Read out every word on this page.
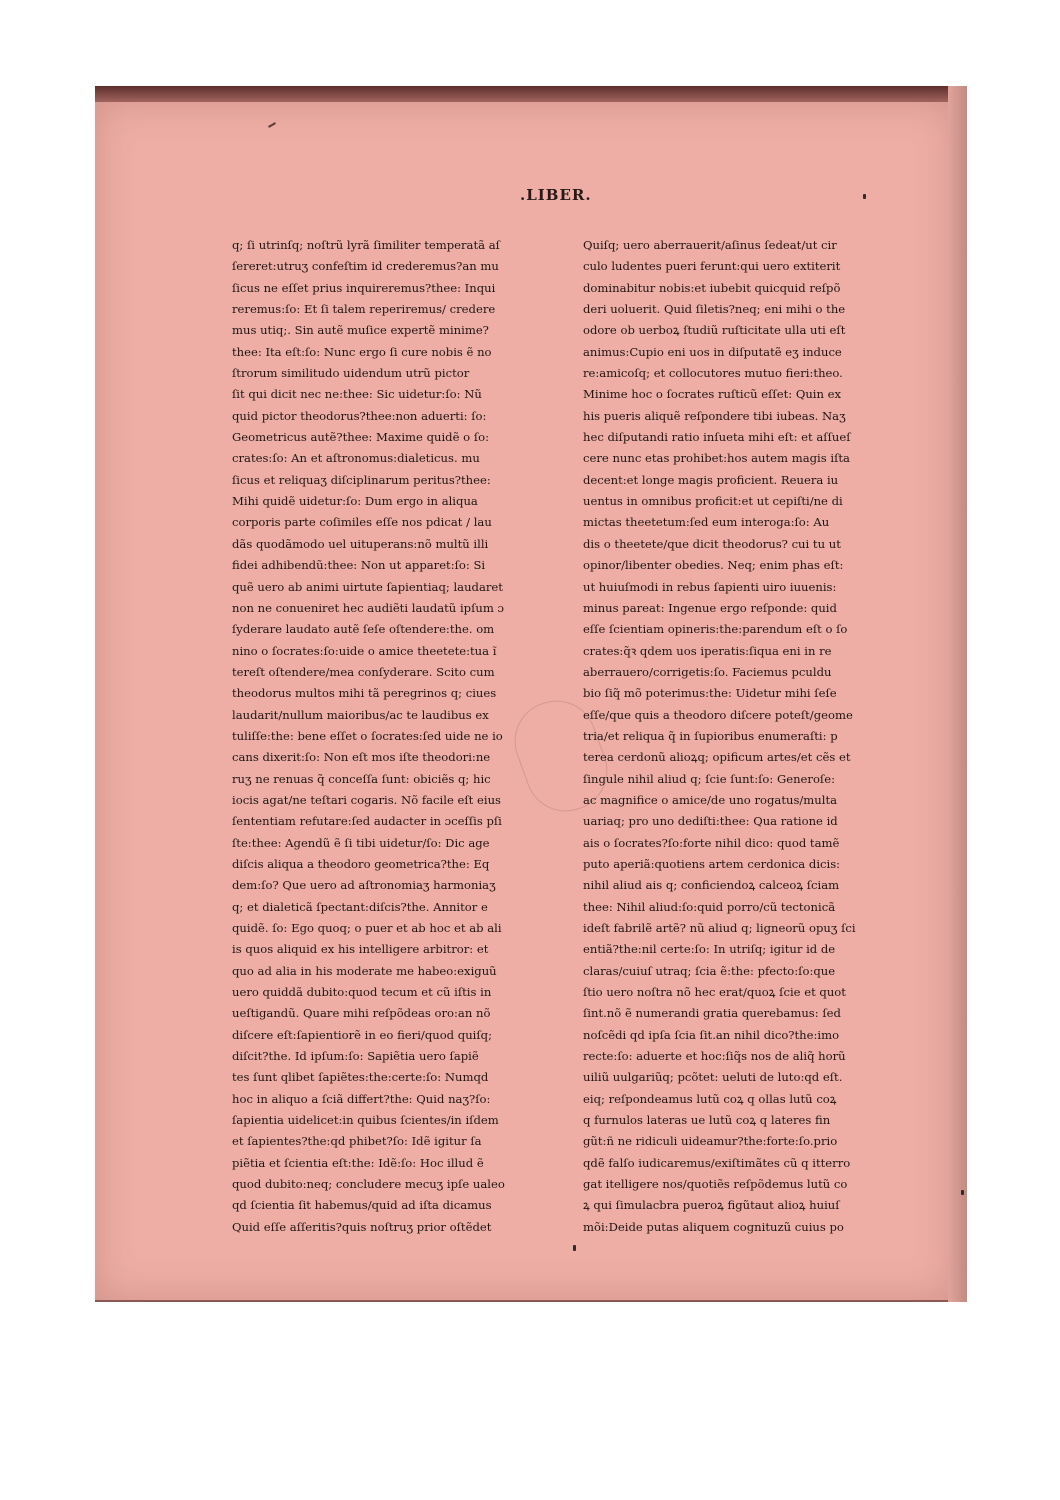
.LIBER.
q; ſi utrinſq; noſtrũ lyrã ſimiliter temperatã aſ
ſereret:utruʒ confeſtim id crederemus?an mu
ſicus ne eſſet prius inquireremus?thee: Inqui
reremus:ſo: Et ſi talem reperiremus/ credere
mus utiq;. Sin autẽ muſice expertẽ minime?
thee: Ita eſt:ſo: Nunc ergo ſi cure nobis ẽ no
ſtrorum similitudo uidendum utrũ pictor
ſit qui dicit nec ne:thee: Sic uidetur:ſo: Nũ
quid pictor theodorus?thee:non aduerti: ſo:
Geometricus autẽ?thee: Maxime quidẽ o ſo:
crates:ſo: An et aſtronomus:dialeticus. mu
ſicus et reliquaʒ diſciplinarum peritus?thee:
Mihi quidẽ uidetur:ſo: Dum ergo in aliqua
corporis parte coſimiles eſſe nos pdicat / lau
dãs quodãmodo uel uituperans:nõ multũ illi
fidei adhibendũ:thee: Non ut apparet:ſo: Si
quẽ uero ab animi uirtute ſapientiaq; laudaret
non ne conueniret hec audiẽti laudatũ ipſum ɔ
ſyderare laudato autẽ ſeſe oſtendere:the. om
nino o ſocrates:ſo:uide o amice theetete:tua ĩ
tereſt oſtendere/mea conſyderare. Scito cum
theodorus multos mihi tã peregrinos q; ciues
laudarit/nullum maioribus/ac te laudibus ex
tuliſſe:the: bene eſſet o ſocrates:ſed uide ne io
cans dixerit:ſo: Non eſt mos iſte theodori:ne
ruʒ ne renuas q̃ conceſſa ſunt: obiciẽs q; hic
iocis agat/ne teſtari cogaris. Nõ facile eſt eius
ſententiam refutare:ſed audacter in ɔceſſis pſi
ſte:thee: Agendũ ẽ ſi tibi uidetur/ſo: Dic age
diſcis aliqua a theodoro geometrica?the: Eq
dem:ſo? Que uero ad aſtronomiaʒ harmoniaʒ
q; et dialeticã ſpectant:diſcis?the. Annitor e
quidẽ. ſo: Ego quoq; o puer et ab hoc et ab ali
is quos aliquid ex his intelligere arbitror: et
quo ad alia in his moderate me habeo:exiguũ
uero quiddã dubito:quod tecum et cũ iſtis in
ueſtigandũ. Quare mihi reſpõdeas oro:an nõ
diſcere eſt:ſapientiorẽ in eo fieri/quod quiſq;
diſcit?the. Id ipſum:ſo: Sapiẽtia uero ſapiẽ
tes ſunt qlibet ſapiẽtes:the:certe:ſo: Numqd
hoc in aliquo a ſciã differt?the: Quid naʒ?ſo:
ſapientia uidelicet:in quibus ſcientes/in iſdem
et ſapientes?the:qd phibet?ſo: Idẽ igitur ſa
piẽtia et ſcientia eſt:the: Idẽ:ſo: Hoc illud ẽ
quod dubito:neq; concludere mecuʒ ipſe ualeo
qd ſcientia ſit habemus/quid ad iſta dicamus
Quid eſſe aſſeritis?quis noſtruʒ prior oſtẽdet
Quiſq; uero aberrauerit/aſinus ſedeat/ut cir
culo ludentes pueri ferunt:qui uero extiterit
dominabitur nobis:et iubebit quicquid reſpõ
deri uoluerit. Quid ſiletis?neq; eni mihi o the
odore ob uerboꝝ ſtudiũ ruſticitate ulla uti eſt
animus:Cupio eni uos in diſputatẽ eʒ induce
re:amicoſq; et collocutores mutuo fieri:theo.
Minime hoc o ſocrates ruſticũ eſſet: Quin ex
his pueris aliquẽ reſpondere tibi iubeas. Naʒ
hec diſputandi ratio inſueta mihi eſt: et aſſueſ
cere nunc etas prohibet:hos autem magis iſta
decent:et longe magis proficient. Reuera iu
uentus in omnibus proficit:et ut cepiſti/ne di
mictas theetetum:ſed eum interoga:ſo: Au
dis o theetete/que dicit theodorus? cui tu ut
opinor/libenter obedies. Neq; enim phas eſt:
ut huiuſmodi in rebus ſapienti uiro iuuenis:
minus pareat: Ingenue ergo reſponde: quid
eſſe ſcientiam opineris:the:parendum eſt o ſo
crates:q̃ꝛ qdem uos iperatis:ſiqua eni in re
aberrauero/corrigetis:ſo. Faciemus pculdu
bio ſiq̃ mõ poterimus:the: Uidetur mihi ſeſe
eſſe/que quis a theodoro diſcere poteſt/geome
tria/et reliqua q̃ in ſupioribus enumeraſti: p
terea cerdonũ alioꝝq; opificum artes/et cẽs et
ſingule nihil aliud q; ſcie ſunt:ſo: Generoſe:
ac magnifice o amice/de uno rogatus/multa
uariaq; pro uno dediſti:thee: Qua ratione id
ais o ſocrates?ſo:forte nihil dico: quod tamẽ
puto aperiã:quotiens artem cerdonica dicis:
nihil aliud ais q; conficiendoꝝ calceoꝝ ſciam
thee: Nihil aliud:ſo:quid porro/cũ tectonicã
ideſt fabrilẽ artẽ? nũ aliud q; ligneorũ opuʒ ſci
entiã?the:nil certe:ſo: In utriſq; igitur id de
claras/cuiuſ utraq; ſcia ẽ:the: pfecto:ſo:que
ſtio uero noſtra nõ hec erat/quoꝝ ſcie et quot
ſint.nõ ẽ numerandi gratia querebamus: ſed
noſcẽdi qd ipſa ſcia ſit.an nihil dico?the:imo
recte:ſo: aduerte et hoc:ſiq̃s nos de aliq̃ horũ
uiliũ uulgariũq; pcõtet: ueluti de luto:qd eſt.
eiq; reſpondeamus lutũ coꝝ q ollas lutũ coꝝ
q furnulos lateras ue lutũ coꝝ q lateres fin
gũt:ñ ne ridiculi uideamur?the:forte:ſo.prio
qdẽ falſo iudicaremus/exiſtimãtes cũ q itterro
gat itelligere nos/quotiẽs reſpõdemus lutũ co
ꝝ qui ſimulacbra pueroꝝ figũtaut alioꝝ huiuſ
mõi:Deide putas aliquem cognituzũ cuius po
